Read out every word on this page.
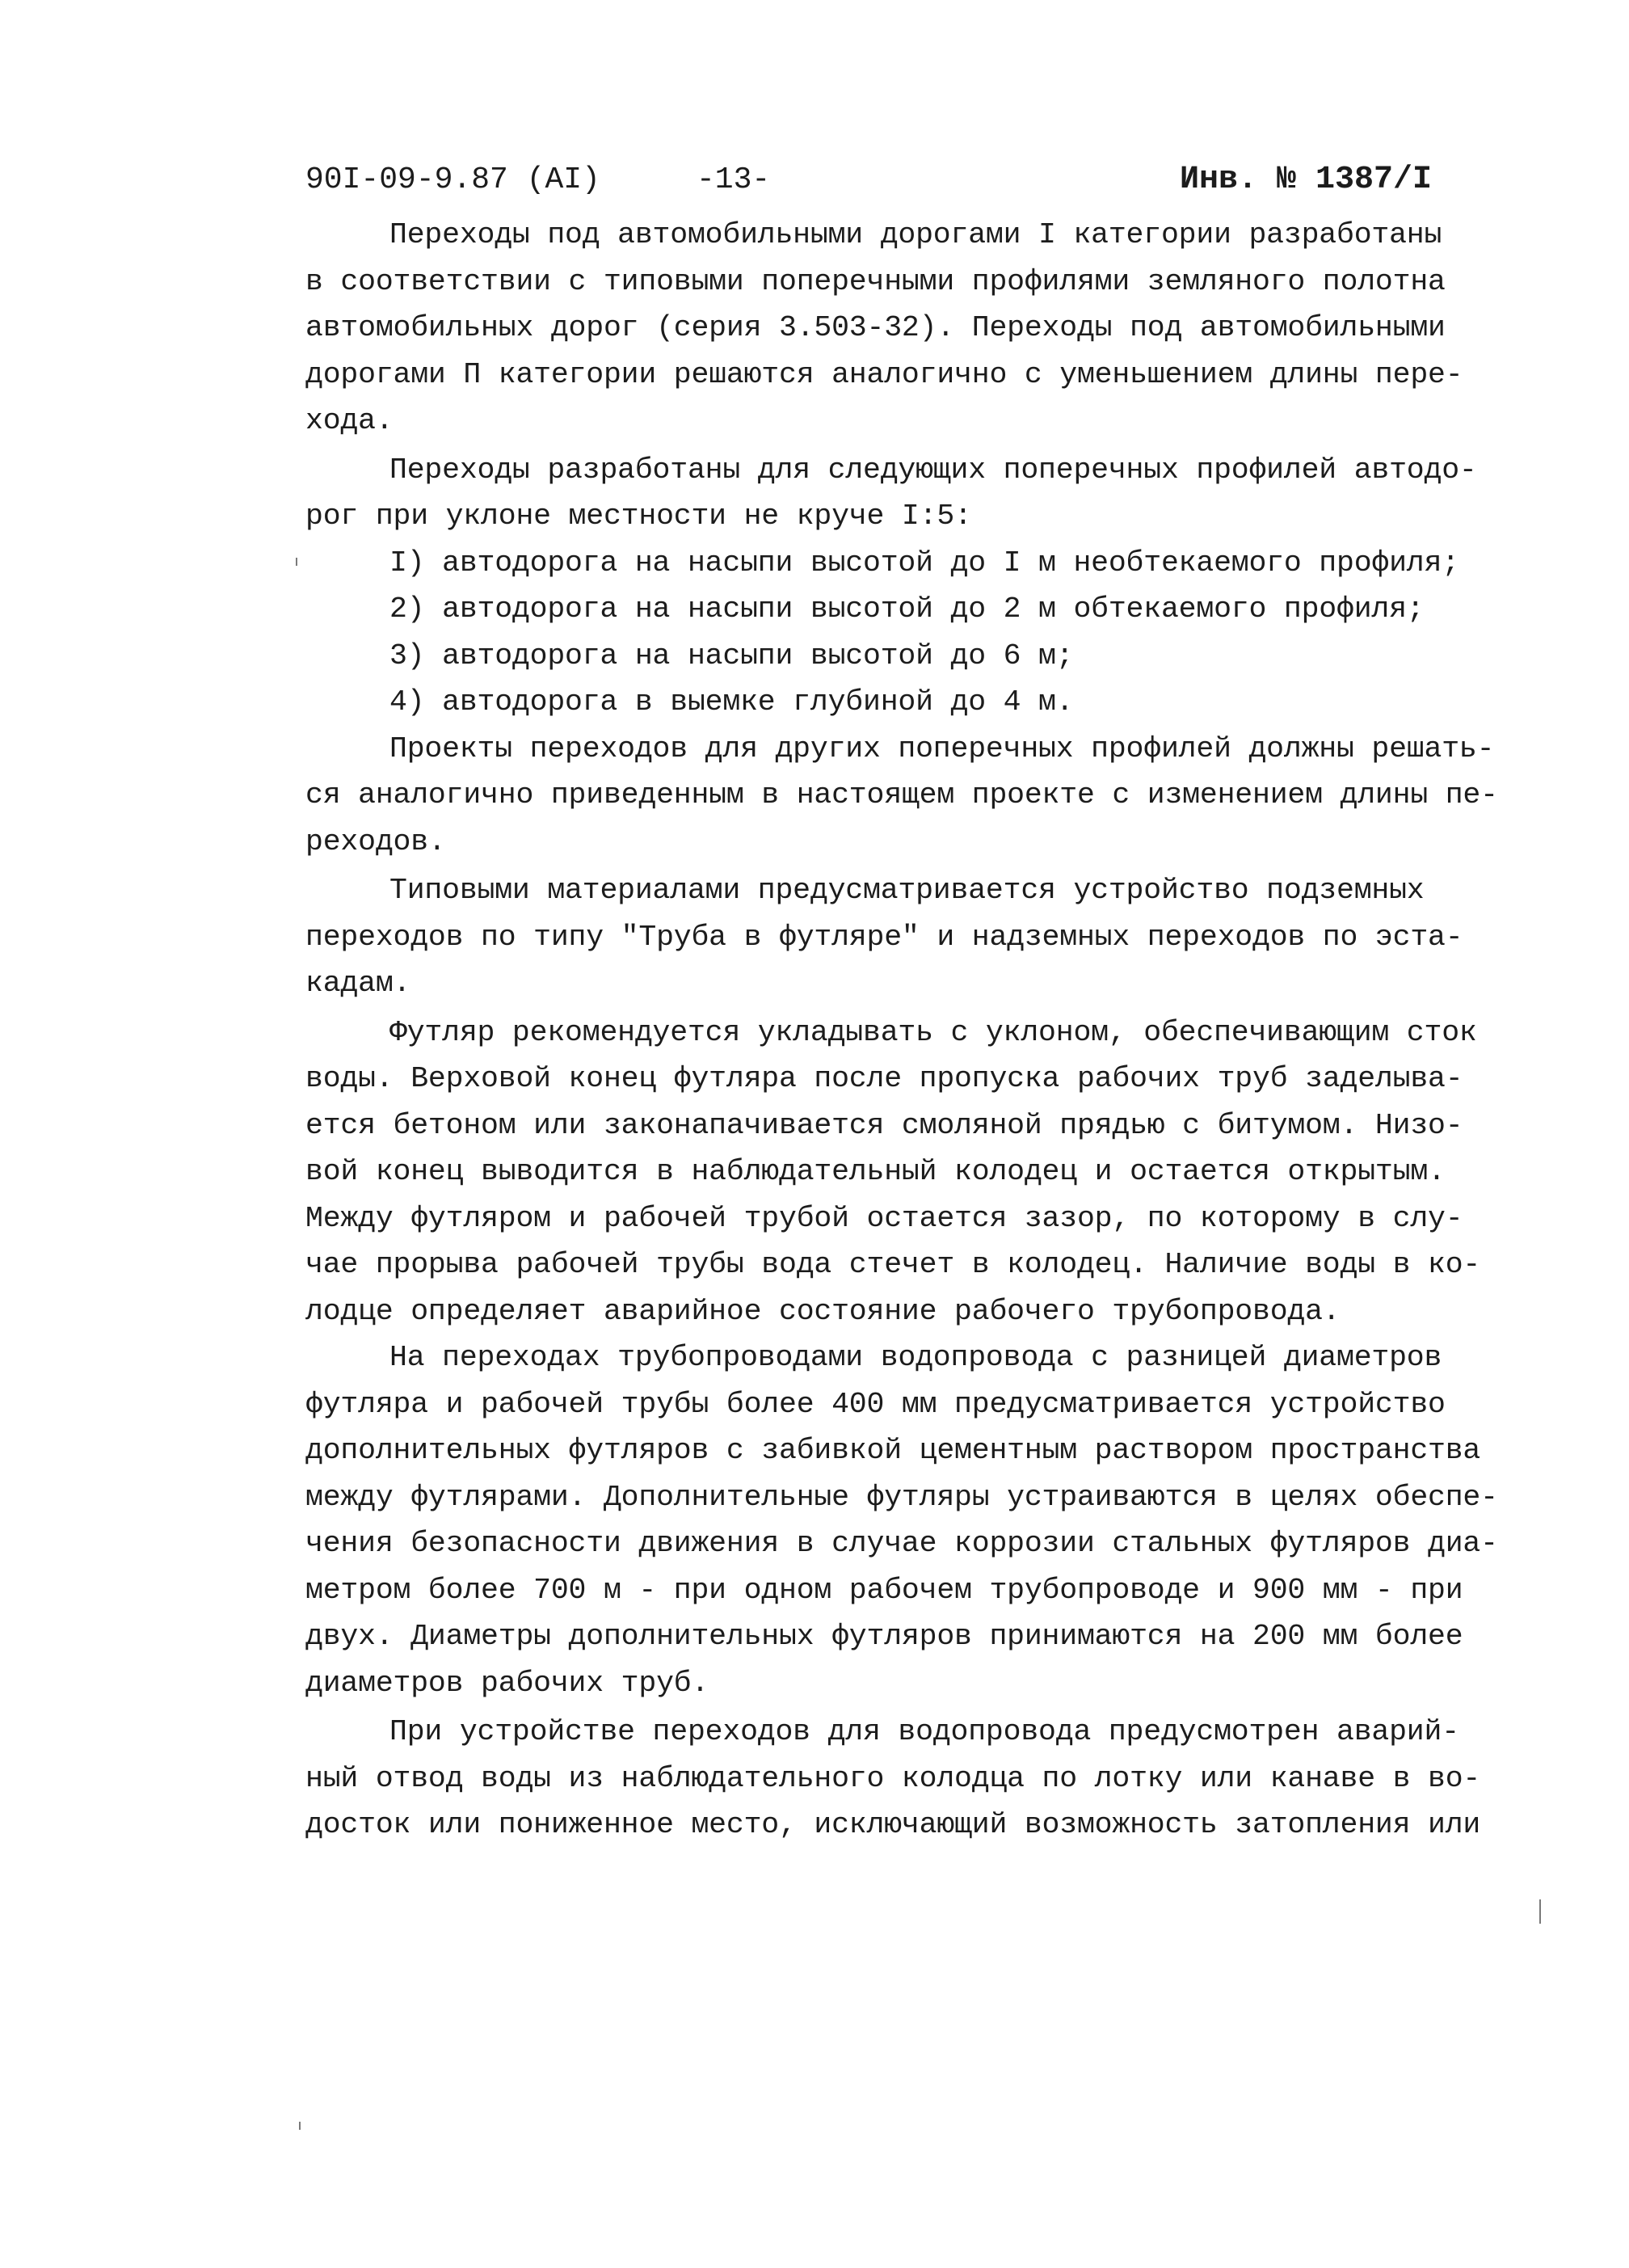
90I-09-9.87 (AI)	-13-	Инв. № 1387/I
Переходы под автомобильными дорогами I категории разработаны
в соответствии с типовыми поперечными профилями земляного полотна
автомобильных дорог (серия 3.503-32). Переходы под автомобильными
дорогами П категории решаются аналогично с уменьшением длины пере-
хода.
Переходы разработаны для следующих поперечных профилей автодо-
рог при уклоне местности не круче I:5:
I) автодорога на насыпи высотой до I м необтекаемого профиля;
2) автодорога на насыпи высотой до 2 м обтекаемого профиля;
3) автодорога на насыпи высотой до 6 м;
4) автодорога в выемке глубиной до 4 м.
Проекты переходов для других поперечных профилей должны решать-
ся аналогично приведенным в настоящем проекте с изменением длины пе-
реходов.
Типовыми материалами предусматривается устройство подземных
переходов по типу "Труба в футляре" и надземных переходов по эста-
кадам.
Футляр рекомендуется укладывать с уклоном, обеспечивающим сток
воды. Верховой конец футляра после пропуска рабочих труб заделыва-
ется бетоном или законапачивается смоляной прядью с битумом. Низо-
вой конец выводится в наблюдательный колодец и остается открытым.
Между футляром и рабочей трубой остается зазор, по которому в слу-
чае прорыва рабочей трубы вода стечет в колодец. Наличие воды в ко-
лодце определяет аварийное состояние рабочего трубопровода.
На переходах трубопроводами водопровода с разницей диаметров
футляра и рабочей трубы более 400 мм предусматривается устройство
дополнительных футляров с забивкой цементным раствором пространства
между футлярами. Дополнительные футляры устраиваются в целях обеспе-
чения безопасности движения в случае коррозии стальных футляров диа-
метром более 700 м - при одном рабочем трубопроводе и 900 мм - при
двух. Диаметры дополнительных футляров принимаются на 200 мм более
диаметров рабочих труб.
При устройстве переходов для водопровода предусмотрен аварий-
ный отвод воды из наблюдательного колодца по лотку или канаве в во-
досток или пониженное место, исключающий возможность затопления или
